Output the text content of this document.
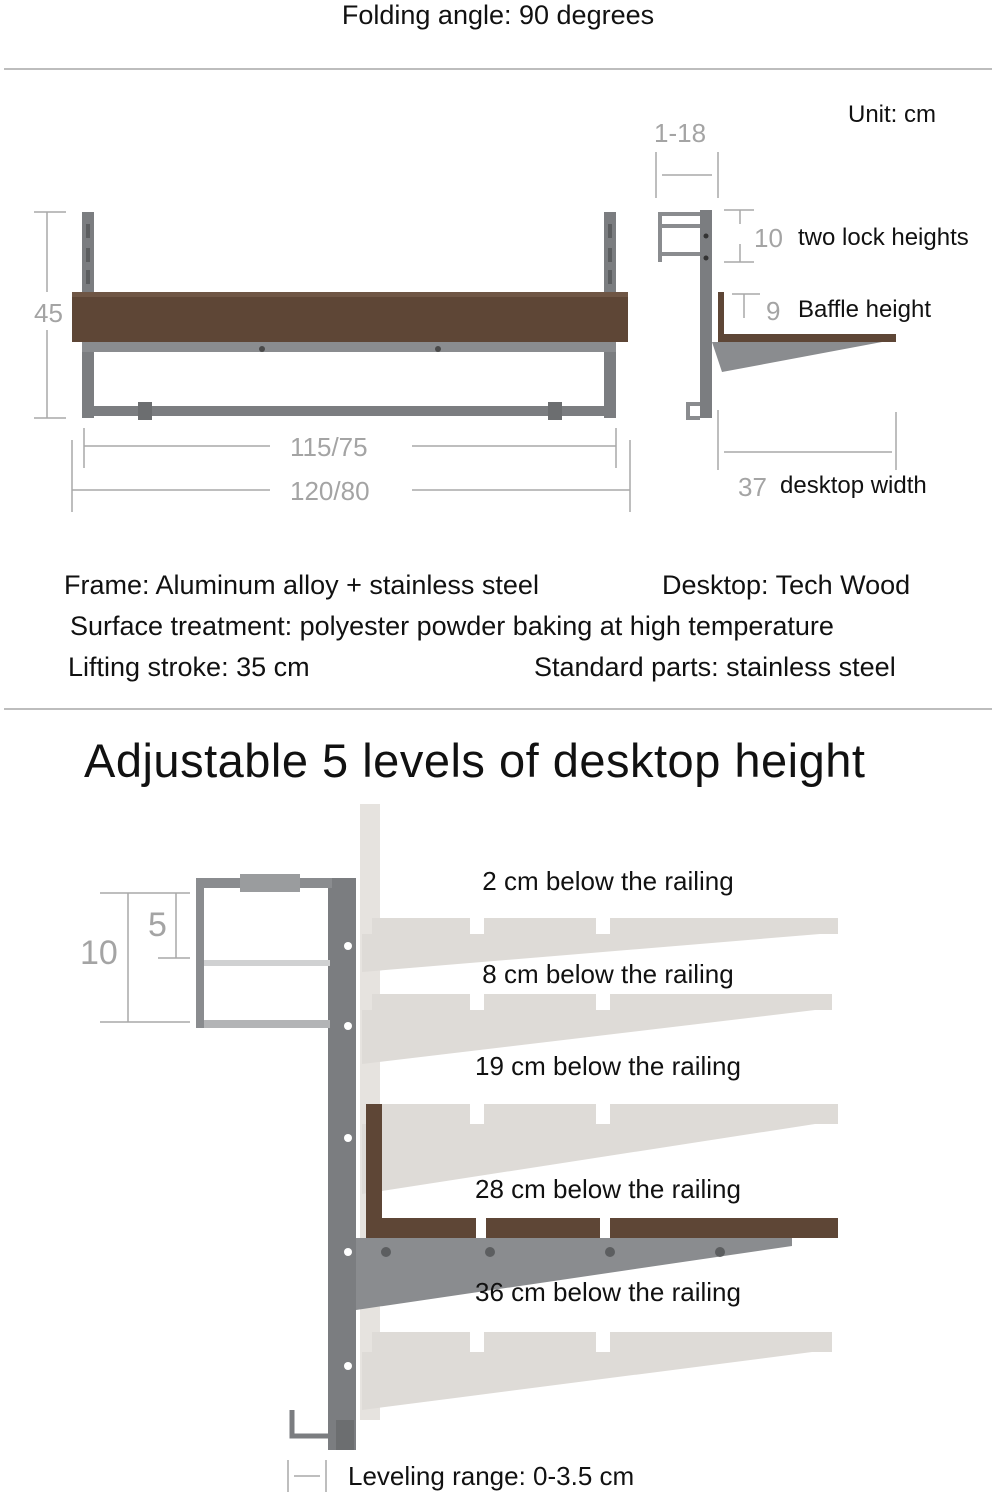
Folding angle: 90 degrees
45
115/75
120/80
Unit: cm
1-18
10 two lock heights
9 Baffle height
37 desktop width
Frame: Aluminum alloy + stainless steel	Desktop: Tech Wood
Surface treatment: polyester powder baking at high temperature
Lifting stroke: 35 cm	Standard parts: stainless steel
Adjustable 5 levels of desktop height
10
5
2 cm below the railing
8 cm below the railing
19 cm below the railing
28 cm below the railing
36 cm below the railing
Leveling range: 0-3.5 cm
